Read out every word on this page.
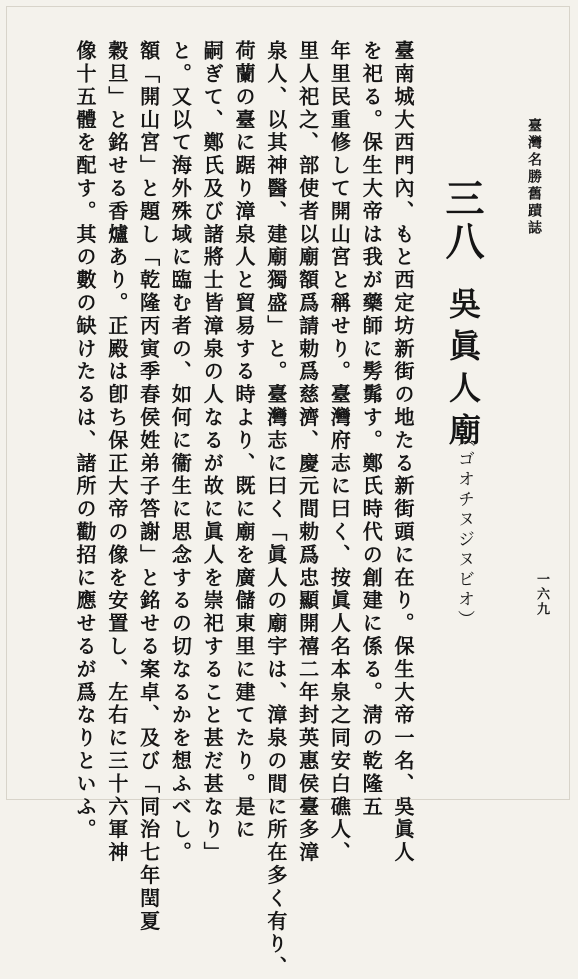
臺灣名勝舊蹟誌
一六九
三八
吳眞人廟
（ゴオチヌジヌビオ）
臺南城大西門內、もと西定坊新街の地たる新街頭に在り。保生大帝一名、吳眞人
を祀る。保生大帝は我が藥師に髣髴す。鄭氏時代の創建に係る。淸の乾隆五
年里民重修して開山宮と稱せり。臺灣府志に曰く、按眞人名本泉之同安白礁人、
里人祀之、部使者以廟額爲請勅爲慈濟、慶元間勅爲忠顯開禧二年封英惠侯臺多漳
泉人、以其神醫、建廟獨盛」と。臺灣志に曰く「眞人の廟宇は、漳泉の間に所在多く有り、
荷蘭の臺に踞り漳泉人と貿易する時より、既に廟を廣儲東里に建てたり。是に
嗣ぎて、鄭氏及び諸將士皆漳泉の人なるが故に眞人を崇祀すること甚だ甚なり」
と。又以て海外殊域に臨む者の、如何に衞生に思念するの切なるかを想ふべし。
額「開山宮」と題し「乾隆丙寅季春侯姓弟子答謝」と銘せる案卓、及び「同治七年閏夏
穀旦」と銘せる香爐あり。正殿は卽ち保正大帝の像を安置し、左右に三十六軍神
像十五體を配す。其の數の缺けたるは、諸所の勸招に應せるが爲なりといふ。
